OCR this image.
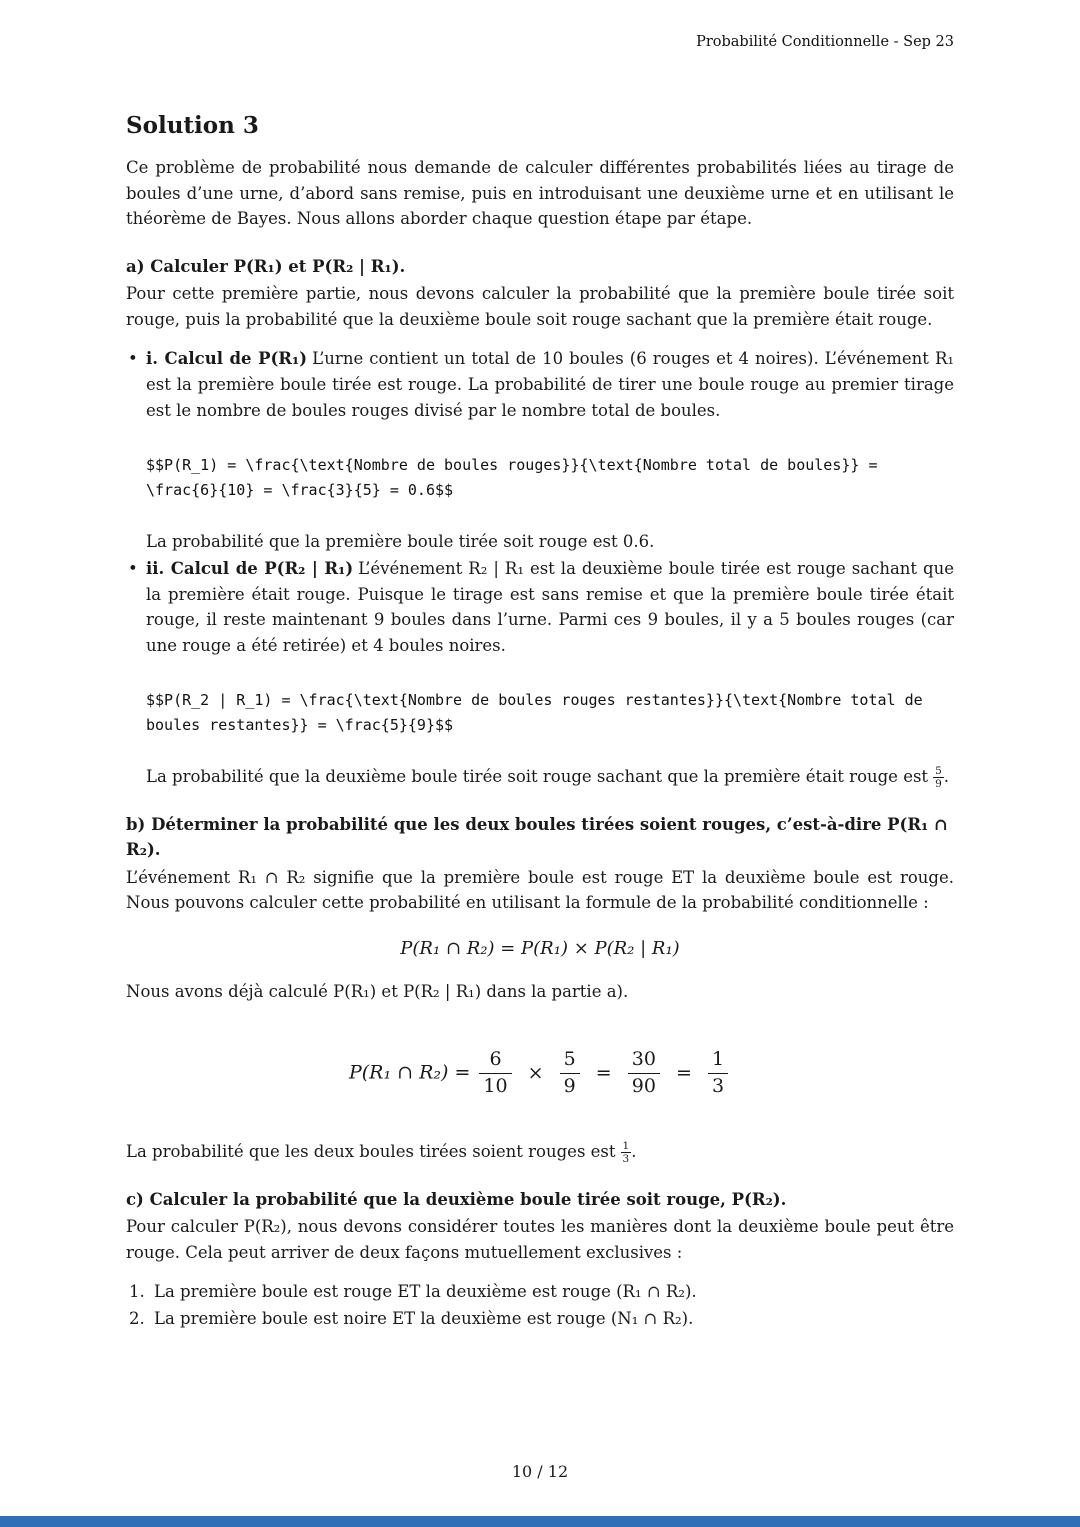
Probabilité Conditionnelle - Sep 23
Solution 3

Ce problème de probabilité nous demande de calculer différentes probabilités liées au tirage de boules d’une urne, d’abord sans remise, puis en introduisant une deuxième urne et en utilisant le théorème de Bayes. Nous allons aborder chaque question étape par étape.

a) Calculer P(R₁) et P(R₂ | R₁).

Pour cette première partie, nous devons calculer la probabilité que la première boule tirée soit rouge, puis la probabilité que la deuxième boule soit rouge sachant que la première était rouge.

• i. Calcul de P(R₁) L’urne contient un total de 10 boules (6 rouges et 4 noires). L’événement R₁ est la première boule tirée est rouge. La probabilité de tirer une boule rouge au premier tirage est le nombre de boules rouges divisé par le nombre total de boules.
$$P(R_1) = \frac{\text{Nombre de boules rouges}}{\text{Nombre total de boules}} = \frac{6}{10} = \frac{3}{5} = 0.6$$

La probabilité que la première boule tirée soit rouge est 0.6.

• ii. Calcul de P(R₂ | R₁) L’événement R₂ | R₁ est la deuxième boule tirée est rouge sachant que la première était rouge. Puisque le tirage est sans remise et que la première boule tirée était rouge, il reste maintenant 9 boules dans l’urne. Parmi ces 9 boules, il y a 5 boules rouges (car une rouge a été retirée) et 4 boules noires.
$$P(R_2 | R_1) = \frac{\text{Nombre de boules rouges restantes}}{\text{Nombre total de boules restantes}} = \frac{5}{9}$$

La probabilité que la deuxième boule tirée soit rouge sachant que la première était rouge est $\frac{5}{9}$ .

b) Déterminer la probabilité que les deux boules tirées soient rouges, c’est-à-dire P(R₁ ∩ R₂).

L’événement R₁ ∩ R₂ signifie que la première boule est rouge ET la deuxième boule est rouge. Nous pouvons calculer cette probabilité en utilisant la formule de la probabilité conditionnelle :

P(R₁ ∩ R₂) = P(R₁) × P(R₂ | R₁)

Nous avons déjà calculé P(R₁) et P(R₂ | R₁) dans la partie a).

P(R₁ ∩ $R_2) = \frac{6}{10} \times \frac{5}{9} = \frac{30}{90} = \frac{1}{3}$

La probabilité que les deux boules tirées soient rouges est $\frac{1}{3}$ .

c) Calculer la probabilité que la deuxième boule tirée soit rouge, P(R₂).

Pour calculer P(R₂), nous devons considérer toutes les manières dont la deuxième boule peut être rouge. Cela peut arriver de deux façons mutuellement exclusives :

1. La première boule est rouge ET la deuxième est rouge (R₁ ∩ R₂).
2. La première boule est noire ET la deuxième est rouge (N₁ ∩ R₂).
10 / 12
